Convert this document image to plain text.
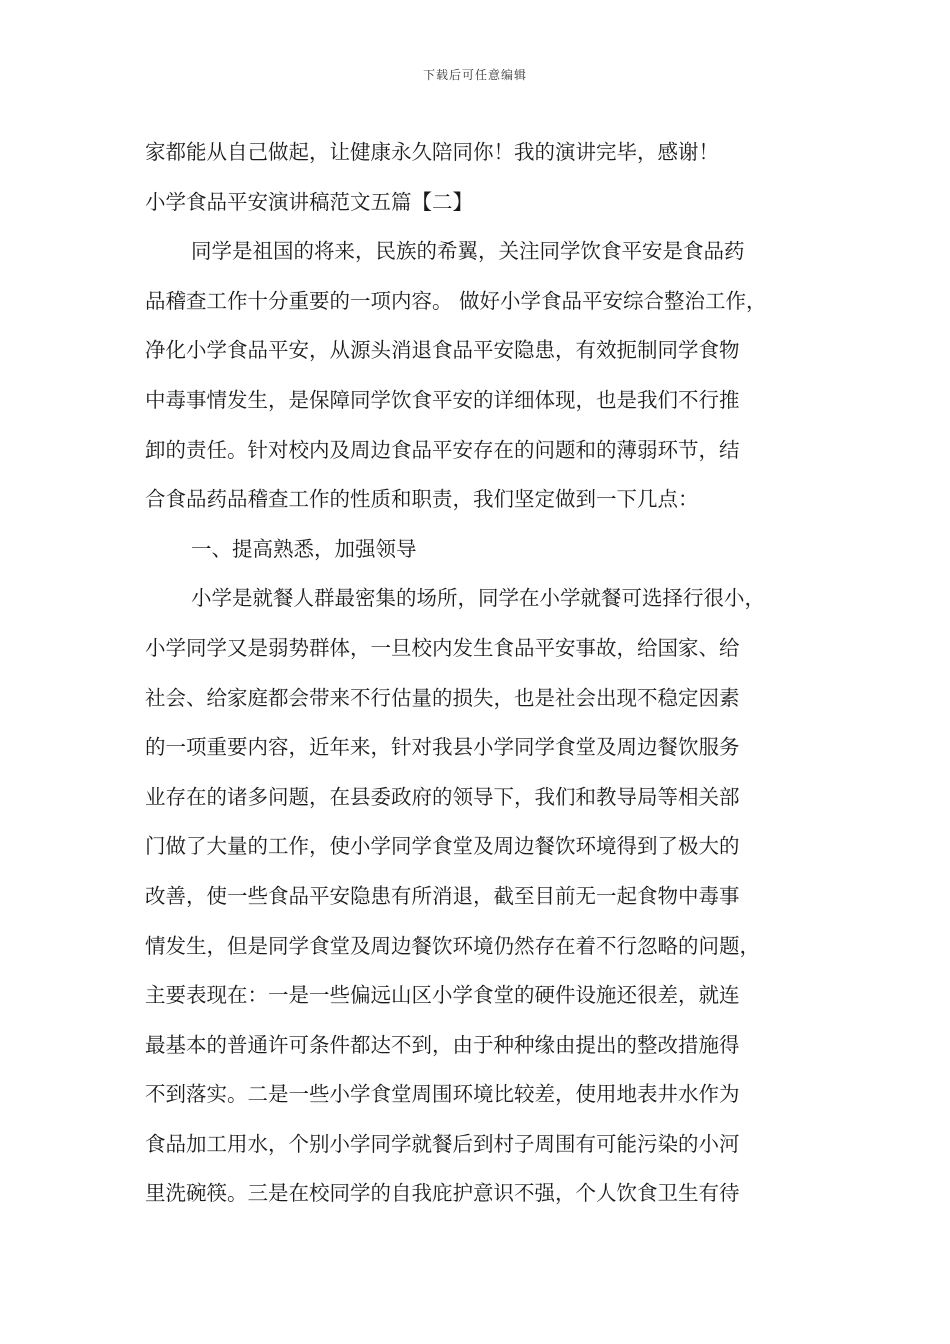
下载后可任意编辑
家都能从自己做起，让健康永久陪同你！我的演讲完毕，感谢！
小学食品平安演讲稿范文五篇【二】
同学是祖国的将来，民族的希翼，关注同学饮食平安是食品药
品稽查工作十分重要的一项内容。 做好小学食品平安综合整治工作，
净化小学食品平安，从源头消退食品平安隐患，有效扼制同学食物
中毒事情发生，是保障同学饮食平安的详细体现，也是我们不行推
卸的责任。针对校内及周边食品平安存在的问题和的薄弱环节，结
合食品药品稽查工作的性质和职责，我们坚定做到一下几点：
一、提高熟悉，加强领导
小学是就餐人群最密集的场所，同学在小学就餐可选择行很小，
小学同学又是弱势群体，一旦校内发生食品平安事故，给国家、给
社会、给家庭都会带来不行估量的损失，也是社会出现不稳定因素
的一项重要内容，近年来，针对我县小学同学食堂及周边餐饮服务
业存在的诸多问题，在县委政府的领导下，我们和教导局等相关部
门做了大量的工作，使小学同学食堂及周边餐饮环境得到了极大的
改善，使一些食品平安隐患有所消退，截至目前无一起食物中毒事
情发生，但是同学食堂及周边餐饮环境仍然存在着不行忽略的问题，
主要表现在：一是一些偏远山区小学食堂的硬件设施还很差，就连
最基本的普通许可条件都达不到，由于种种缘由提出的整改措施得
不到落实。二是一些小学食堂周围环境比较差，使用地表井水作为
食品加工用水，个别小学同学就餐后到村子周围有可能污染的小河
里洗碗筷。三是在校同学的自我庇护意识不强，个人饮食卫生有待
